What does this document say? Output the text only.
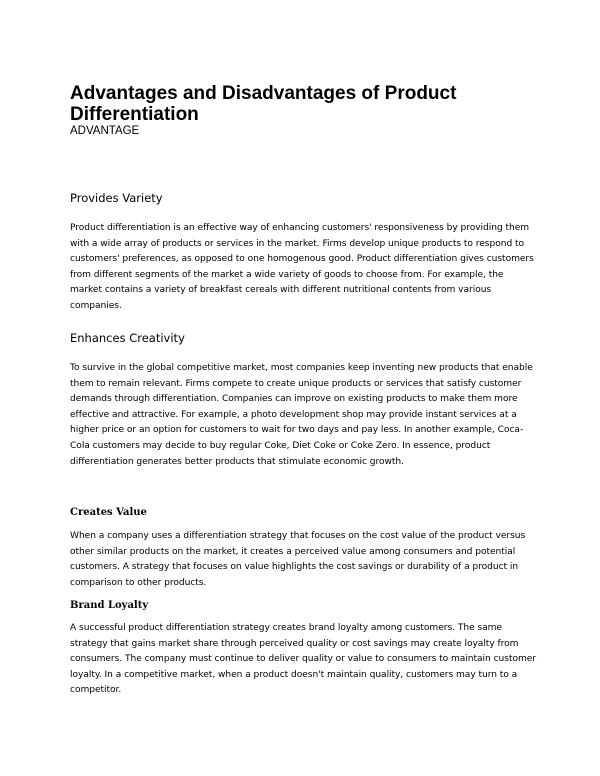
Advantages and Disadvantages of Product Differentiation

ADVANTAGE

Provides Variety

Product differentiation is an effective way of enhancing customers' responsiveness by providing them with a wide array of products or services in the market. Firms develop unique products to respond to customers' preferences, as opposed to one homogenous good. Product differentiation gives customers from different segments of the market a wide variety of goods to choose from. For example, the market contains a variety of breakfast cereals with different nutritional contents from various companies.

Enhances Creativity

To survive in the global competitive market, most companies keep inventing new products that enable them to remain relevant. Firms compete to create unique products or services that satisfy customer demands through differentiation. Companies can improve on existing products to make them more effective and attractive. For example, a photo development shop may provide instant services at a higher price or an option for customers to wait for two days and pay less. In another example, Coca-Cola customers may decide to buy regular Coke, Diet Coke or Coke Zero. In essence, product differentiation generates better products that stimulate economic growth.

Creates Value

When a company uses a differentiation strategy that focuses on the cost value of the product versus other similar products on the market, it creates a perceived value among consumers and potential customers. A strategy that focuses on value highlights the cost savings or durability of a product in comparison to other products.

Brand Loyalty

A successful product differentiation strategy creates brand loyalty among customers. The same strategy that gains market share through perceived quality or cost savings may create loyalty from consumers. The company must continue to deliver quality or value to consumers to maintain customer loyalty. In a competitive market, when a product doesn't maintain quality, customers may turn to a competitor.
